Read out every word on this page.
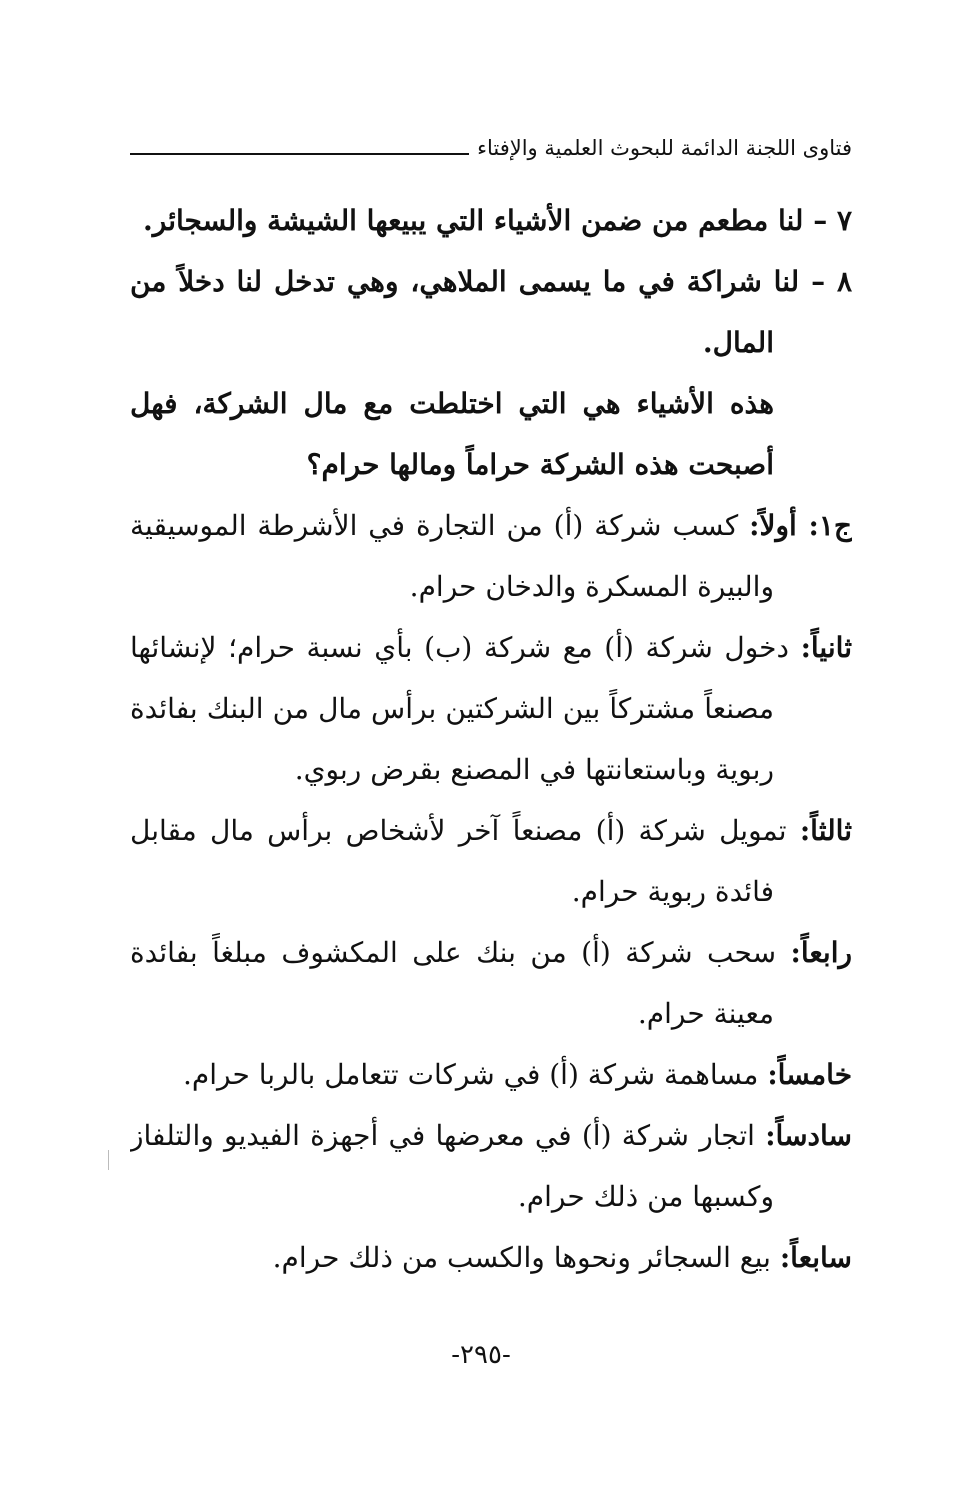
فتاوى اللجنة الدائمة للبحوث العلمية والإفتاء
٧ – لنا مطعم من ضمن الأشياء التي يبيعها الشيشة والسجائر.
٨ – لنا شراكة في ما يسمى الملاهي، وهي تدخل لنا دخلاً من
المال.
هذه الأشياء هي التي اختلطت مع مال الشركة، فهل
أصبحت هذه الشركة حراماً ومالها حرام؟
ج١: أولاً: كسب شركة (أ) من التجارة في الأشرطة الموسيقية
والبيرة المسكرة والدخان حرام.
ثانياً: دخول شركة (أ) مع شركة (ب) بأي نسبة حرام؛ لإنشائها
مصنعاً مشتركاً بين الشركتين برأس مال من البنك بفائدة
ربوية وباستعانتها في المصنع بقرض ربوي.
ثالثاً: تمويل شركة (أ) مصنعاً آخر لأشخاص برأس مال مقابل
فائدة ربوية حرام.
رابعاً: سحب شركة (أ) من بنك على المكشوف مبلغاً بفائدة
معينة حرام.
خامساً: مساهمة شركة (أ) في شركات تتعامل بالربا حرام.
سادساً: اتجار شركة (أ) في معرضها في أجهزة الفيديو والتلفاز
وكسبها من ذلك حرام.
سابعاً: بيع السجائر ونحوها والكسب من ذلك حرام.
-٢٩٥-
